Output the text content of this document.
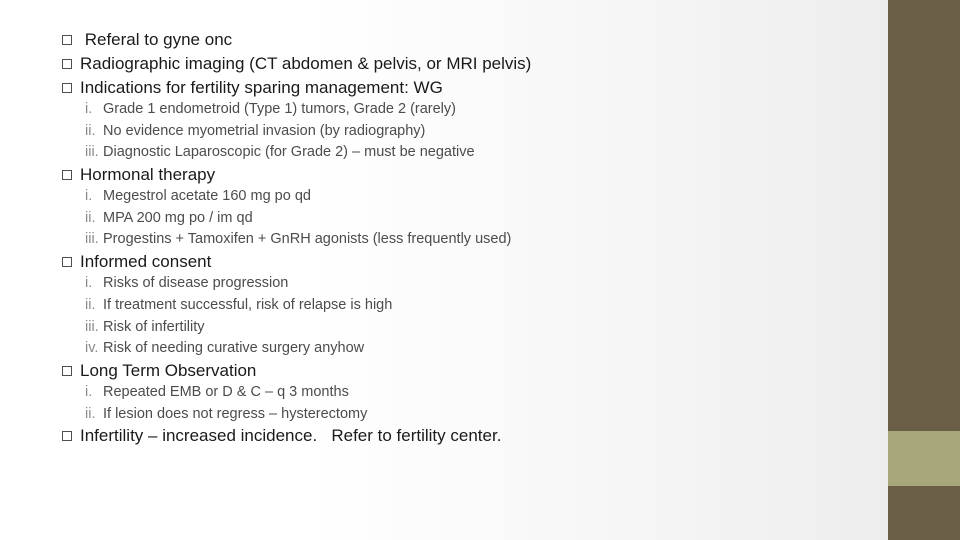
Referal to gyne onc
Radiographic imaging (CT abdomen & pelvis, or MRI pelvis)
Indications for fertility sparing management: WG
i. Grade 1 endometroid (Type 1) tumors, Grade 2 (rarely)
ii. No evidence myometrial invasion (by radiography)
iii. Diagnostic Laparoscopic (for Grade 2) – must be negative
Hormonal therapy
i. Megestrol acetate 160 mg po qd
ii. MPA 200 mg po / im qd
iii. Progestins + Tamoxifen + GnRH agonists (less frequently used)
Informed consent
i. Risks of disease progression
ii. If treatment successful, risk of relapse is high
iii. Risk of infertility
iv. Risk of needing curative surgery anyhow
Long Term Observation
i. Repeated EMB or D & C – q 3 months
ii. If lesion does not regress – hysterectomy
Infertility – increased incidence.   Refer to fertility center.
